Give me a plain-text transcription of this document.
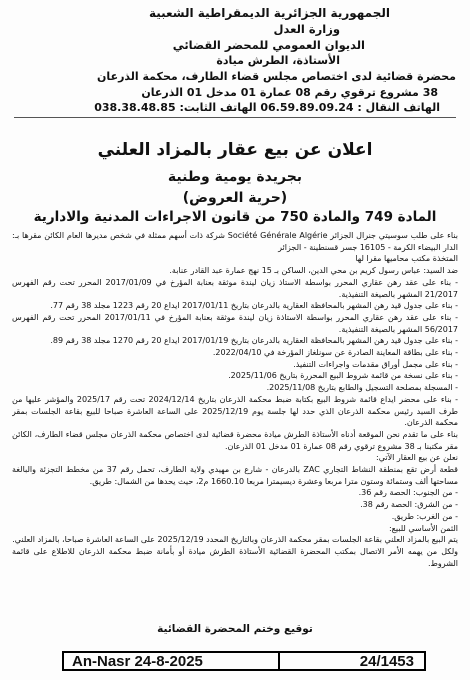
الجمهورية الجزائرية الديمقراطية الشعبية
وزارة العدل
الديوان العمومي للمحضر القضائي
الأستاذة، الطرش ميادة
محضرة قضائية لدى اختصاص مجلس قضاء الطارف، محكمة الذرعان
38 مشروع ترقوي رقم 08 عمارة 01 مدخل 01 الذرعان
الهاتف النقال : 06.59.89.09.24 الهاتف الثابت: 038.38.48.85
اعلان عن بيع عقار بالمزاد العلني
بجريدة يومية وطنية
(حرية العروض)
المادة 749 والمادة 750 من قانون الاجراءات المدنية والادارية

بناء على طلب سوسيتي جنرال الجزائر Société Générale Algérie شركة ذات أسهم ممثلة في شخص مديرها العام الكائن مقرها بـ: الدار البيضاء الكرمة - 16105 جسر قسنطينة - الجزائر

المتخذة مكتب محاميها مقرا لها

ضد السيد: عباس رسول كريم بن محي الدين، الساكن بـ 15 نهج عمارة عبد القادر عنابة.

- بناء على عقد رهن عقاري المحرر بواسطة الاستاذ زيان ليندة موثقة بعنابة المؤرخ في 2017/01/09 المحرر تحت رقم الفهرس 21/2017 المشهر بالصيغة التنفيذية.

- بناء على جدول قيد رهن المشهر بالمحافظة العقارية بالدرعان بتاريخ 2017/01/11 ايداع 20 رقم 1223 مجلد 38 رقم 77.

- بناء على عقد رهن عقاري المحرر بواسطة الاستاذة زيان ليندة موثقة بعنابة المؤرخ في 2017/01/11 المحرر تحت رقم الفهرس 56/2017 المشهر بالصيغة التنفيذية.

- بناء على جدول قيد رهن المشهر بالمحافظة العقارية بالدرعان بتاريخ 2017/01/19 ايداع 20 رقم 1270 مجلد 38 رقم 89.

- بناء على بطاقة المعاينة الصادرة عن سونلغاز المؤرخة في 2022/04/10.

- بناء على مجمل أوراق مقدمات واجراءات التنفيذ.

- بناء على نسخة من قائمة شروط البيع المحررة بتاريخ 2025/11/06.

- المسجلة بمصلحة التسجيل والطابع بتاريخ 2025/11/08.

- بناء على محضر ايداع قائمة شروط البيع بكتابة ضبط محكمة الذرعان بتاريخ 2024/12/14 تحت رقم 2025/17 والمؤشر عليها من طرف السيد رئيس محكمة الذرعان الذي حدد لها جلسة يوم 2025/12/19 على الساعة العاشرة صباحا للبيع بقاعة الجلسات بمقر محكمة الذرعان.

بناء على ما تقدم نحن الموقعة أدناه الأستاذة الطرش ميادة محضرة قضائية لدى اختصاص محكمة الذرعان مجلس قضاء الطارف، الكائن مقر مكتبنا بـ 38 مشروع ترقوي رقم 08 عمارة 01 مدخل 01 الذرعان.

نعلن عن بيع العقار الآتي:

قطعة أرض تقع بمنطقة النشاط التجاري ZAC بالدرعان - شارع بن مهيدي ولاية الطارف، تحمل رقم 37 من مخطط التجزئة والبالغة مساحتها ألف وستمائة وستون مترا مربعا وعشرة ديسيمترا مربعا 1660.10 م2، حيث يحدها من الشمال: طريق.

- من الجنوب: الحصة رقم 36.

- من الشرق: الحصة رقم 38.

- من الغرب: طريق.

الثمن الأساسي للبيع:

يتم البيع بالمزاد العلني بقاعة الجلسات بمقر محكمة الذرعان وبالتاريخ المحدد 2025/12/19 على الساعة العاشرة صباحا، بالمزاد العلني.

ولكل من يهمه الأمر الاتصال بمكتب المحضرة القضائية الأستاذة الطرش ميادة أو بأمانة ضبط محكمة الذرعان للاطلاع على قائمة الشروط.

توقيع وختم المحضرة القضائية
An-Nasr 24-8-2025	24/1453
